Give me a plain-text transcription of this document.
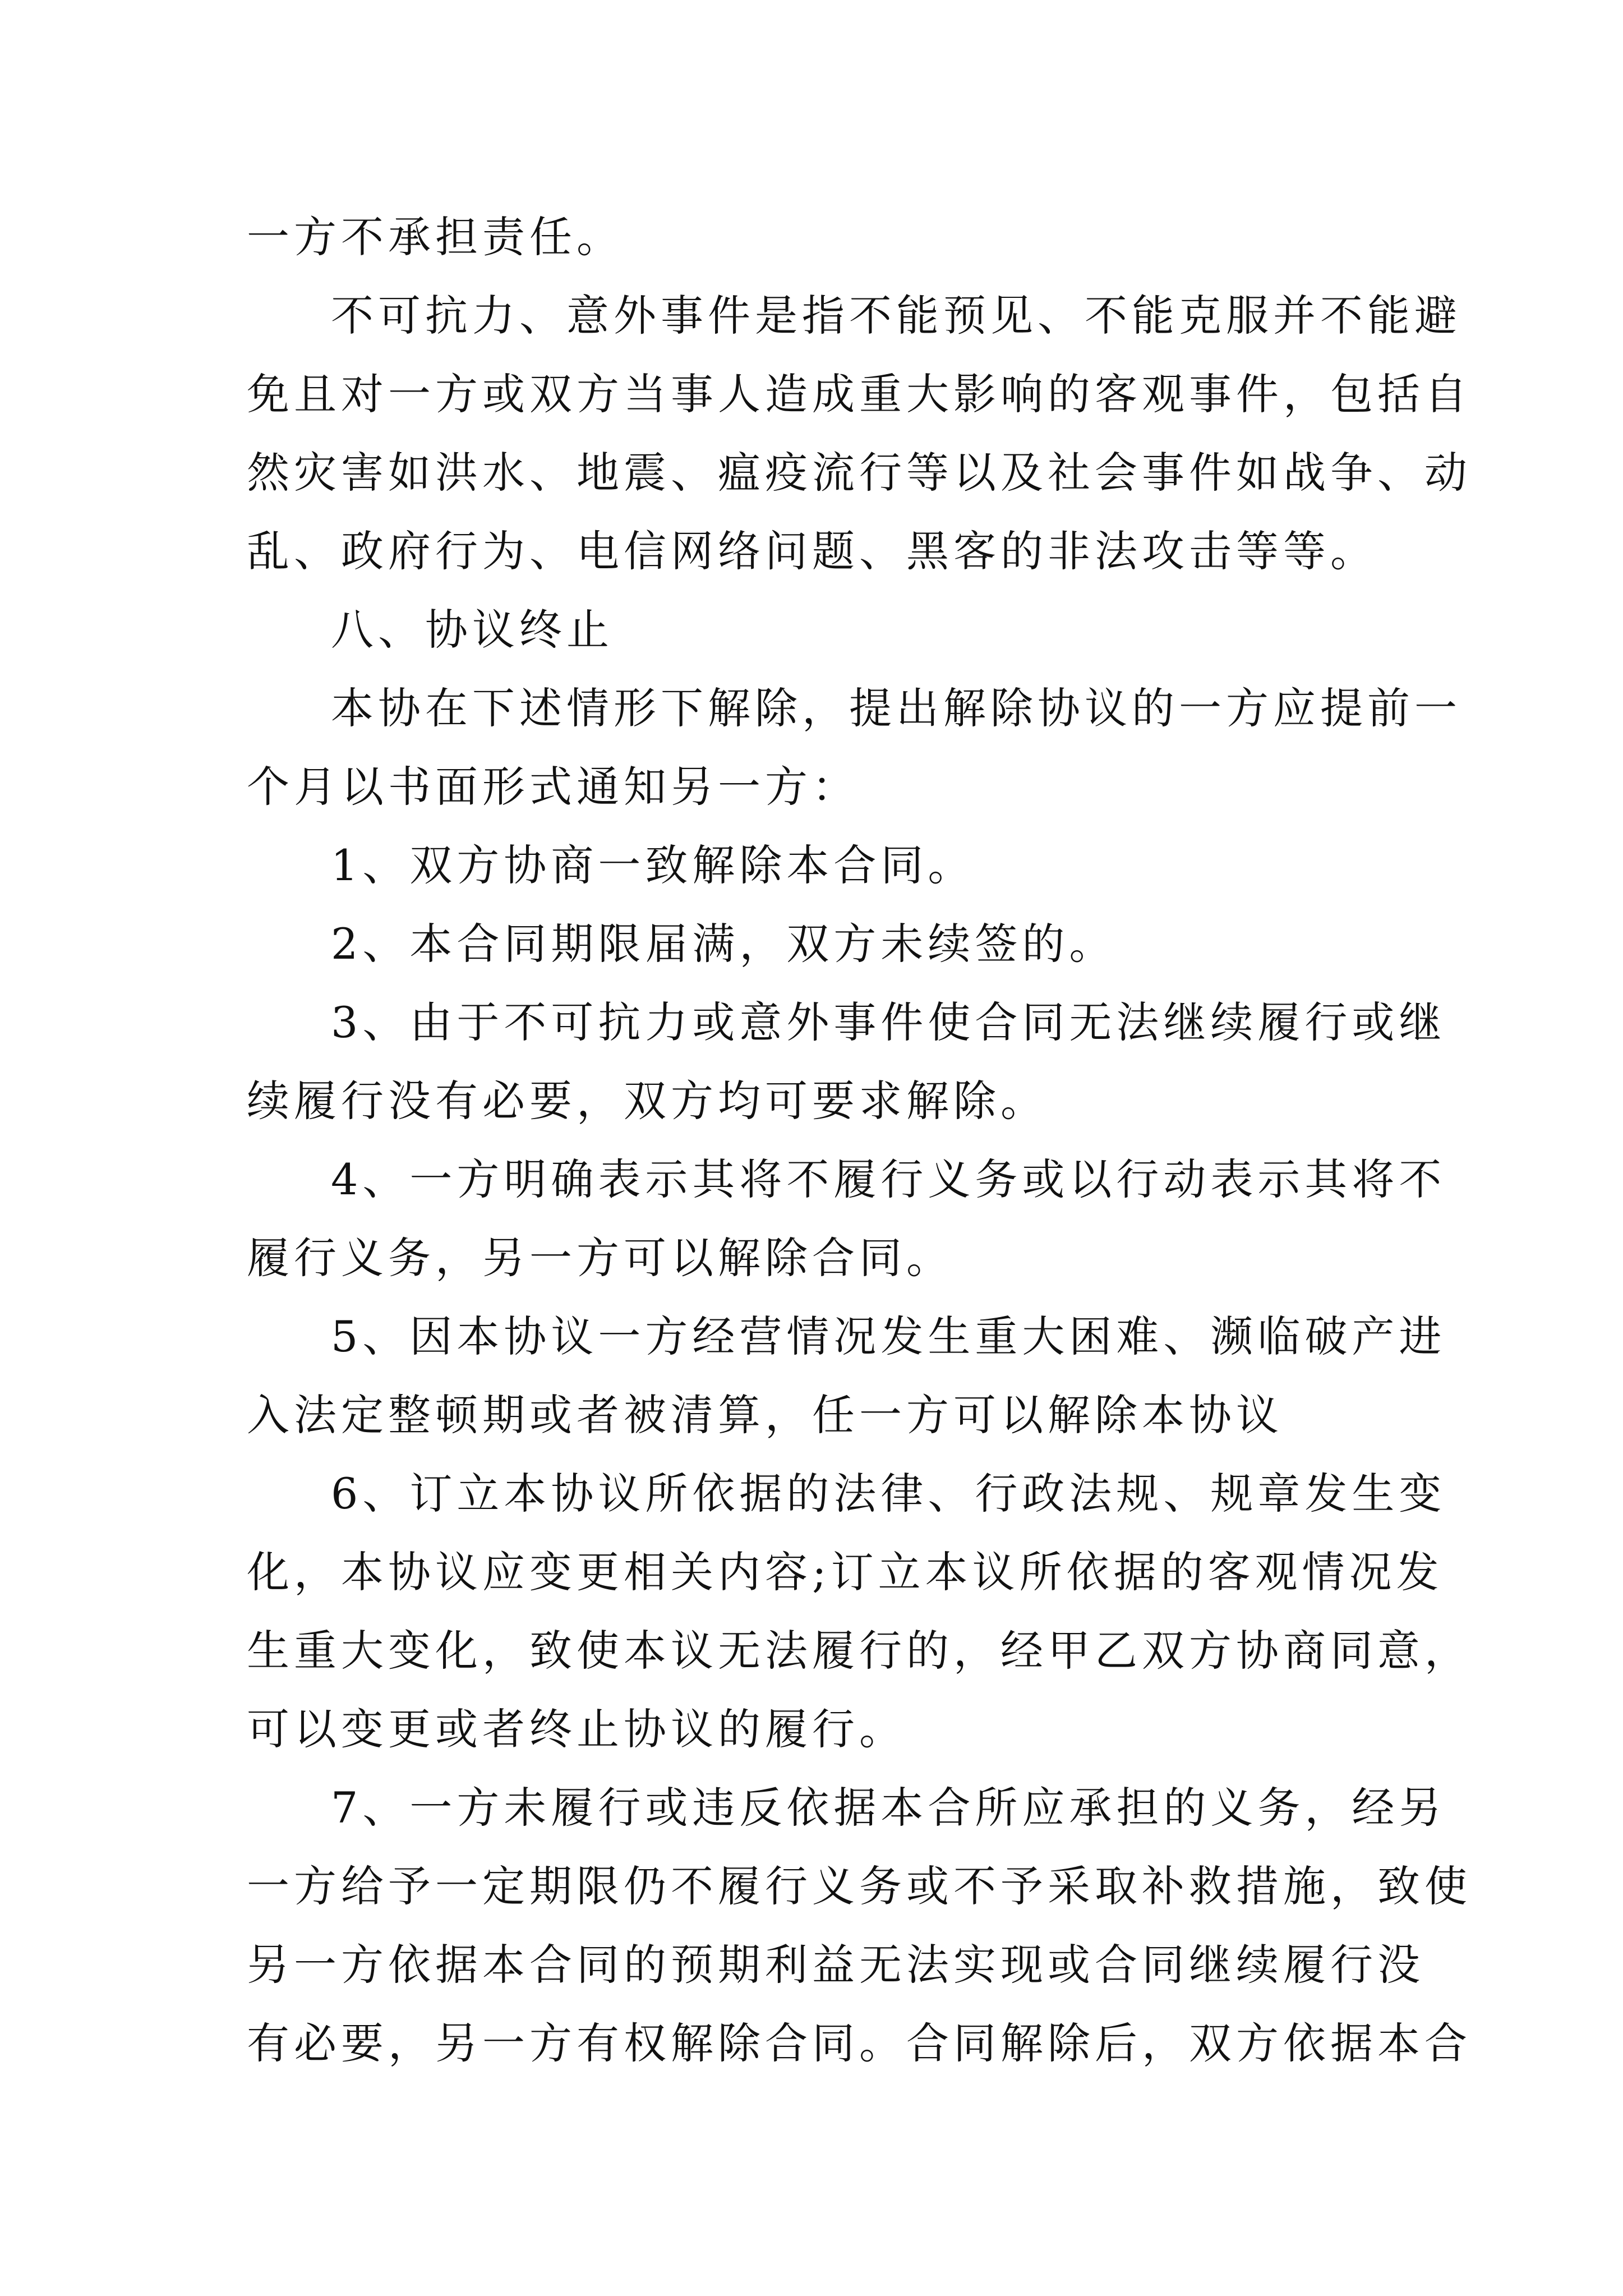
一方不承担责任。
不可抗力、意外事件是指不能预见、不能克服并不能避
免且对一方或双方当事人造成重大影响的客观事件，包括自
然灾害如洪水、地震、瘟疫流行等以及社会事件如战争、动
乱、政府行为、电信网络问题、黑客的非法攻击等等。
八、协议终止
本协在下述情形下解除，提出解除协议的一方应提前一
个月以书面形式通知另一方：
1、双方协商一致解除本合同。
2、本合同期限届满，双方未续签的。
3、由于不可抗力或意外事件使合同无法继续履行或继
续履行没有必要，双方均可要求解除。
4、一方明确表示其将不履行义务或以行动表示其将不
履行义务，另一方可以解除合同。
5、因本协议一方经营情况发生重大困难、濒临破产进
入法定整顿期或者被清算，任一方可以解除本协议
6、订立本协议所依据的法律、行政法规、规章发生变
化，本协议应变更相关内容;订立本议所依据的客观情况发
生重大变化，致使本议无法履行的，经甲乙双方协商同意，
可以变更或者终止协议的履行。
7、一方未履行或违反依据本合所应承担的义务，经另
一方给予一定期限仍不履行义务或不予采取补救措施，致使
另一方依据本合同的预期利益无法实现或合同继续履行没
有必要，另一方有权解除合同。合同解除后，双方依据本合
